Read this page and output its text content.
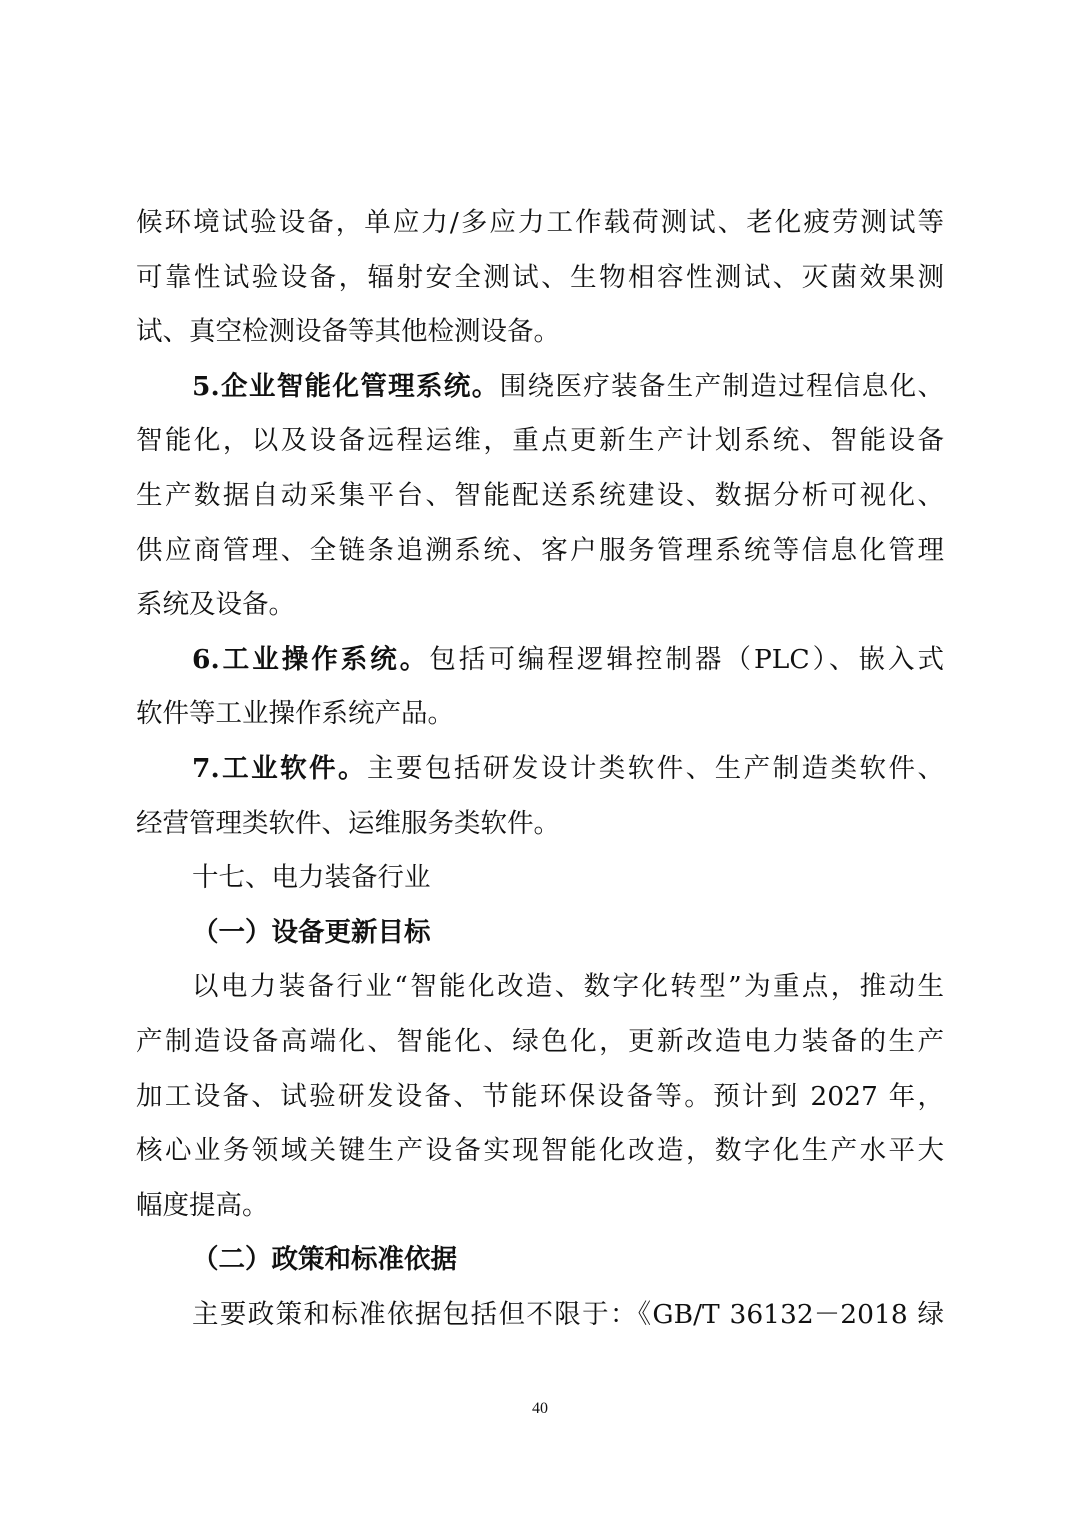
候环境试验设备，单应力/多应力工作载荷测试、老化疲劳测试等
可靠性试验设备，辐射安全测试、生物相容性测试、灭菌效果测
试、真空检测设备等其他检测设备。
5.企业智能化管理系统。围绕医疗装备生产制造过程信息化、
智能化，以及设备远程运维，重点更新生产计划系统、智能设备
生产数据自动采集平台、智能配送系统建设、数据分析可视化、
供应商管理、全链条追溯系统、客户服务管理系统等信息化管理
系统及设备。
6.工业操作系统。包括可编程逻辑控制器（PLC）、嵌入式
软件等工业操作系统产品。
7.工业软件。主要包括研发设计类软件、生产制造类软件、
经营管理类软件、运维服务类软件。
十七、电力装备行业
（一）设备更新目标
以电力装备行业“智能化改造、数字化转型”为重点，推动生
产制造设备高端化、智能化、绿色化，更新改造电力装备的生产
加工设备、试验研发设备、节能环保设备等。预计到 2027 年，
核心业务领域关键生产设备实现智能化改造，数字化生产水平大
幅度提高。
（二）政策和标准依据
主要政策和标准依据包括但不限于：《GB/T 36132－2018 绿
40
